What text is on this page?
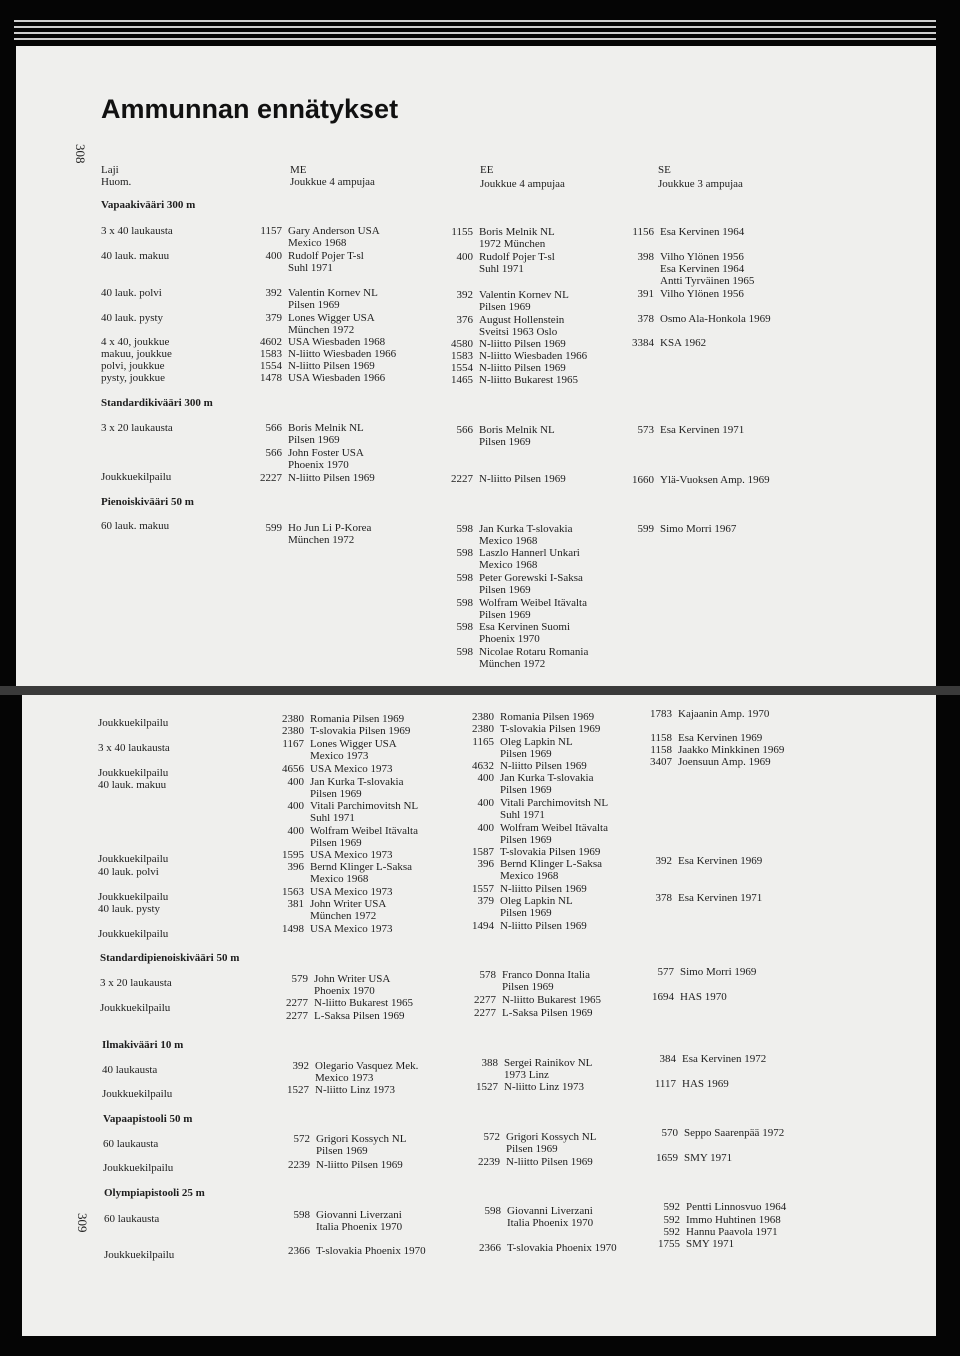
Ammunnan ennätykset
308
Laji
Huom.
ME
Joukkue 4 ampujaa
EE
Joukkue 4 ampujaa
SE
Joukkue 3 ampujaa
Vapaakivääri 300 m
3 x 40 laukausta
40 lauk. makuu
40 lauk. polvi
40 lauk. pysty
4 x 40, joukkue
makuu, joukkue
polvi, joukkue
pysty, joukkue
Standardikivääri 300 m
3 x 20 laukausta
Joukkuekilpailu
Pienoiskivääri 50 m
60 lauk. makuu
1157 Gary Anderson USA
Mexico 1968
400 Rudolf Pojer T-sl
Suhl 1971
392 Valentin Kornev NL
Pilsen 1969
379 Lones Wigger USA
München 1972
4602 USA Wiesbaden 1968
1583 N-liitto Wiesbaden 1966
1554 N-liitto Pilsen 1969
1478 USA Wiesbaden 1966
566 Boris Melnik NL
Pilsen 1969
566 John Foster USA
Phoenix 1970
2227 N-liitto Pilsen 1969
599 Ho Jun Li P-Korea
München 1972
1155 Boris Melnik NL
1972 München
400 Rudolf Pojer T-sl
Suhl 1971
392 Valentin Kornev NL
Pilsen 1969
376 August Hollenstein
Sveitsi 1963 Oslo
4580 N-liitto Pilsen 1969
1583 N-liitto Wiesbaden 1966
1554 N-liitto Pilsen 1969
1465 N-liitto Bukarest 1965
566 Boris Melnik NL
Pilsen 1969
2227 N-liitto Pilsen 1969
598 Jan Kurka T-slovakia
Mexico 1968
598 Laszlo Hannerl Unkari
Mexico 1968
598 Peter Gorewski I-Saksa
Pilsen 1969
598 Wolfram Weibel Itävalta
Pilsen 1969
598 Esa Kervinen Suomi
Phoenix 1970
598 Nicolae Rotaru Romania
München 1972
1156 Esa Kervinen 1964
398 Vilho Ylönen 1956
Esa Kervinen 1964
Antti Tyrväinen 1965
391 Vilho Ylönen 1956
378 Osmo Ala-Honkola 1969
3384 KSA 1962
573 Esa Kervinen 1971
1660 Ylä-Vuoksen Amp. 1969
599 Simo Morri 1967
309
Joukkuekilpailu
3 x 40 laukausta
Joukkuekilpailu
40 lauk. makuu
Joukkuekilpailu
40 lauk. polvi
Joukkuekilpailu
40 lauk. pysty
Joukkuekilpailu
Standardipienoiskivääri 50 m
3 x 20 laukausta
Joukkuekilpailu
Ilmakivääri 10 m
40 laukausta
Joukkuekilpailu
Vapaapistooli 50 m
60 laukausta
Joukkuekilpailu
Olympiapistooli 25 m
60 laukausta
Joukkuekilpailu
2380 Romania Pilsen 1969
2380 T-slovakia Pilsen 1969
1167 Lones Wigger USA
Mexico 1973
4656 USA Mexico 1973
400 Jan Kurka T-slovakia
Pilsen 1969
400 Vitali Parchimovitsh NL
Suhl 1971
400 Wolfram Weibel Itävalta
Pilsen 1969
1595 USA Mexico 1973
396 Bernd Klinger L-Saksa
Mexico 1968
1563 USA Mexico 1973
381 John Writer USA
München 1972
1498 USA Mexico 1973
579 John Writer USA
Phoenix 1970
2277 N-liitto Bukarest 1965
2277 L-Saksa Pilsen 1969
392 Olegario Vasquez Mek.
Mexico 1973
1527 N-liitto Linz 1973
572 Grigori Kossych NL
Pilsen 1969
2239 N-liitto Pilsen 1969
598 Giovanni Liverzani
Italia Phoenix 1970
2366 T-slovakia Phoenix 1970
2380 Romania Pilsen 1969
2380 T-slovakia Pilsen 1969
1165 Oleg Lapkin NL
Pilsen 1969
4632 N-liitto Pilsen 1969
400 Jan Kurka T-slovakia
Pilsen 1969
400 Vitali Parchimovitsh NL
Suhl 1971
400 Wolfram Weibel Itävalta
Pilsen 1969
1587 T-slovakia Pilsen 1969
396 Bernd Klinger L-Saksa
Mexico 1968
1557 N-liitto Pilsen 1969
379 Oleg Lapkin NL
Pilsen 1969
1494 N-liitto Pilsen 1969
578 Franco Donna Italia
Pilsen 1969
2277 N-liitto Bukarest 1965
2277 L-Saksa Pilsen 1969
388 Sergei Rainikov NL
1973 Linz
1527 N-liitto Linz 1973
572 Grigori Kossych NL
Pilsen 1969
2239 N-liitto Pilsen 1969
598 Giovanni Liverzani
Italia Phoenix 1970
2366 T-slovakia Phoenix 1970
1783 Kajaanin Amp. 1970
1158 Esa Kervinen 1969
1158 Jaakko Minkkinen 1969
3407 Joensuun Amp. 1969
392 Esa Kervinen 1969
378 Esa Kervinen 1971
577 Simo Morri 1969
1694 HAS 1970
384 Esa Kervinen 1972
1117 HAS 1969
570 Seppo Saarenpää 1972
1659 SMY 1971
592 Pentti Linnosvuo 1964
592 Immo Huhtinen 1968
592 Hannu Paavola 1971
1755 SMY 1971
